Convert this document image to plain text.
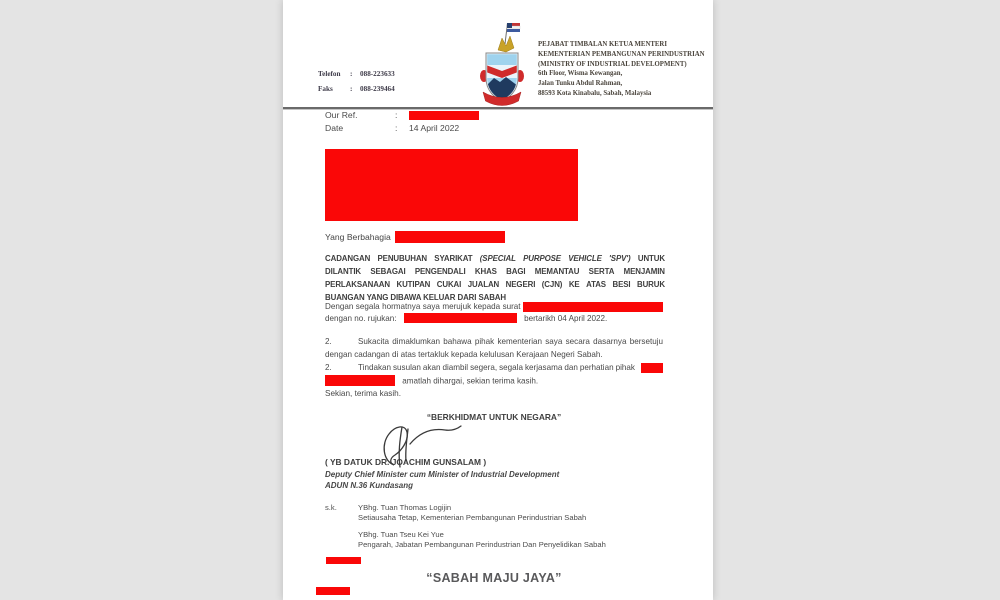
Telefon	:	088-223633
Faks	:	088-239464
PEJABAT TIMBALAN KETUA MENTERI
KEMENTERIAN PEMBANGUNAN PERINDUSTRIAN
(MINISTRY OF INDUSTRIAL DEVELOPMENT)
6th Floor, Wisma Kewangan,
Jalan Tunku Abdul Rahman,
88593 Kota Kinabalu, Sabah, Malaysia
Our Ref.	:
Date	:	14 April 2022
Yang Berbahagia
CADANGAN PENUBUHAN SYARIKAT (SPECIAL PURPOSE VEHICLE 'SPV') UNTUK
DILANTIK SEBAGAI PENGENDALI KHAS BAGI MEMANTAU SERTA MENJAMIN
PERLAKSANAAN KUTIPAN CUKAI JUALAN NEGERI (CJN) KE ATAS BESI BURUK
BUANGAN YANG DIBAWA KELUAR DARI SABAH
Dengan segala hormatnya saya merujuk kepada surat
dengan no. rujukan:	bertarikh 04 April 2022.
2.	Sukacita dimaklumkan bahawa pihak kementerian saya secara dasarnya bersetuju
dengan cadangan di atas tertakluk kepada kelulusan Kerajaan Negeri Sabah.
2.	Tindakan susulan akan diambil segera, segala kerjasama dan perhatian pihak
amatlah dihargai, sekian terima kasih.
Sekian, terima kasih.
“BERKHIDMAT UNTUK NEGARA”
( YB DATUK DR. JOACHIM GUNSALAM )
Deputy Chief Minister cum Minister of Industrial Development
ADUN N.36 Kundasang
s.k.	YBhg. Tuan Thomas Logijin
Setiausaha Tetap, Kementerian Pembangunan Perindustrian Sabah
YBhg. Tuan Tseu Kei Yue
Pengarah, Jabatan Pembangunan Perindustrian Dan Penyelidikan Sabah
“SABAH MAJU JAYA”
